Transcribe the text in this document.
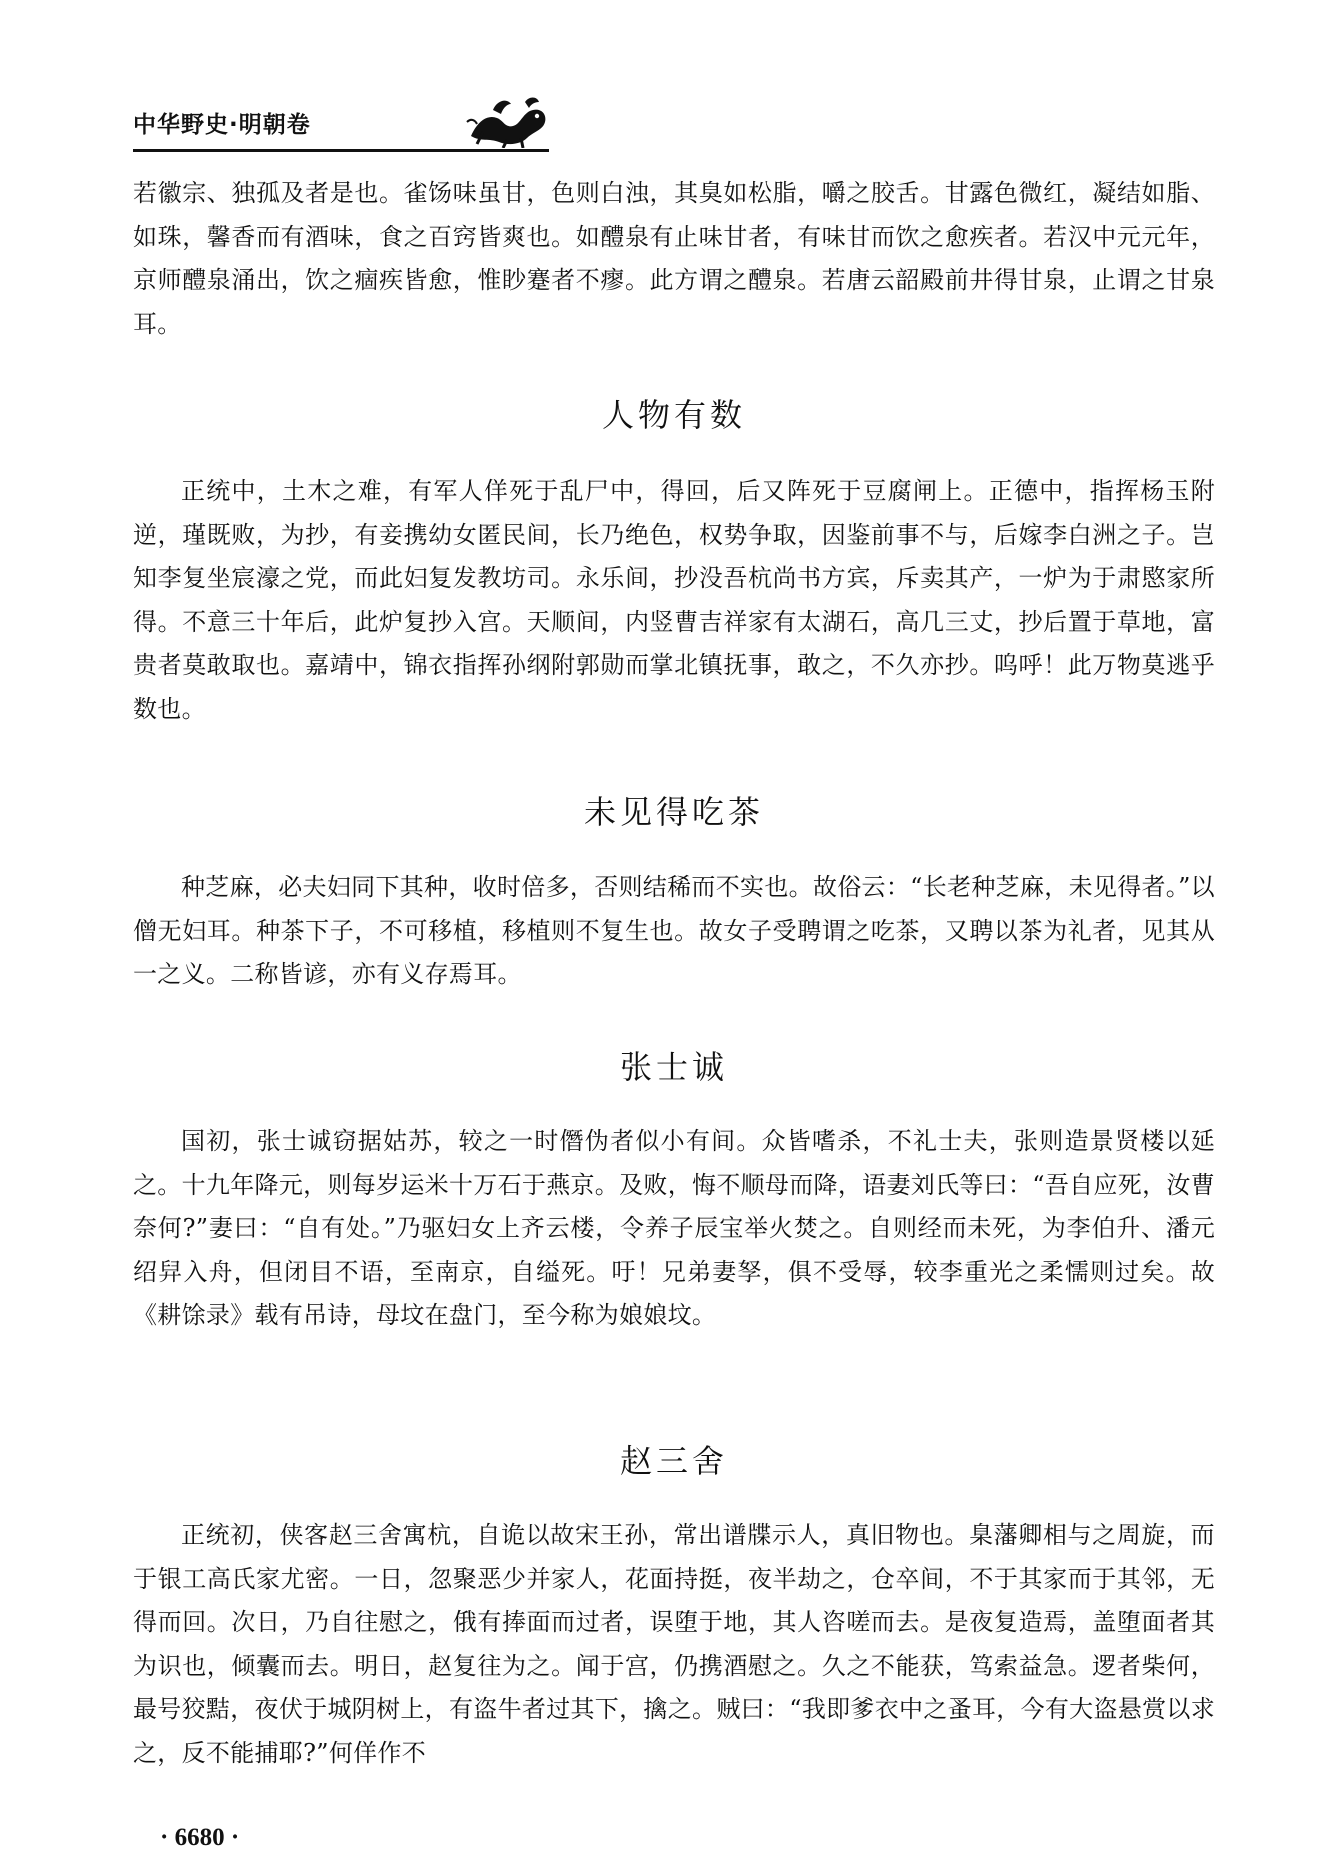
中华野史·明朝卷

若徽宗、独孤及者是也。雀饧味虽甘，色则白浊，其臭如松脂，嚼之胶舌。甘露色微红，凝结如脂、如珠，馨香而有酒味，食之百窍皆爽也。如醴泉有止味甘者，有味甘而饮之愈疾者。若汉中元元年，京师醴泉涌出，饮之痼疾皆愈，惟眇蹇者不瘳。此方谓之醴泉。若唐云韶殿前井得甘泉，止谓之甘泉耳。

人物有数

正统中，土木之难，有军人佯死于乱尸中，得回，后又阵死于豆腐闸上。正德中，指挥杨玉附逆，瑾既败，为抄，有妾携幼女匿民间，长乃绝色，权势争取，因鉴前事不与，后嫁李白洲之子。岂知李复坐宸濠之党，而此妇复发教坊司。永乐间，抄没吾杭尚书方宾，斥卖其产，一炉为于肃愍家所得。不意三十年后，此炉复抄入宫。天顺间，内竖曹吉祥家有太湖石，高几三丈，抄后置于草地，富贵者莫敢取也。嘉靖中，锦衣指挥孙纲附郭勋而掌北镇抚事，敢之，不久亦抄。呜呼！此万物莫逃乎数也。

未见得吃茶

种芝麻，必夫妇同下其种，收时倍多，否则结稀而不实也。故俗云：“长老种芝麻，未见得者。”以僧无妇耳。种茶下子，不可移植，移植则不复生也。故女子受聘谓之吃茶，又聘以茶为礼者，见其从一之义。二称皆谚，亦有义存焉耳。

张士诚

国初，张士诚窃据姑苏，较之一时僭伪者似小有间。众皆嗜杀，不礼士夫，张则造景贤楼以延之。十九年降元，则每岁运米十万石于燕京。及败，悔不顺母而降，语妻刘氏等曰：“吾自应死，汝曹奈何?”妻曰：“自有处。”乃驱妇女上齐云楼，令养子辰宝举火焚之。自则经而未死，为李伯升、潘元绍舁入舟，但闭目不语，至南京，自缢死。吁！兄弟妻孥，俱不受辱，较李重光之柔懦则过矣。故《耕馀录》载有吊诗，母坟在盘门，至今称为娘娘坟。

赵三舍

正统初，侠客赵三舍寓杭，自诡以故宋王孙，常出谱牒示人，真旧物也。臬藩卿相与之周旋，而于银工高氏家尤密。一日，忽聚恶少并家人，花面持挺，夜半劫之，仓卒间，不于其家而于其邻，无得而回。次日，乃自往慰之，俄有捧面而过者，误堕于地，其人咨嗟而去。是夜复造焉，盖堕面者其为识也，倾囊而去。明日，赵复往为之。闻于宫，仍携酒慰之。久之不能获，笃索益急。逻者柴何，最号狡黠，夜伏于城阴树上，有盗牛者过其下，擒之。贼曰：“我即爹衣中之蚤耳，今有大盗悬赏以求之，反不能捕耶?”何佯作不

· 6680 ·
